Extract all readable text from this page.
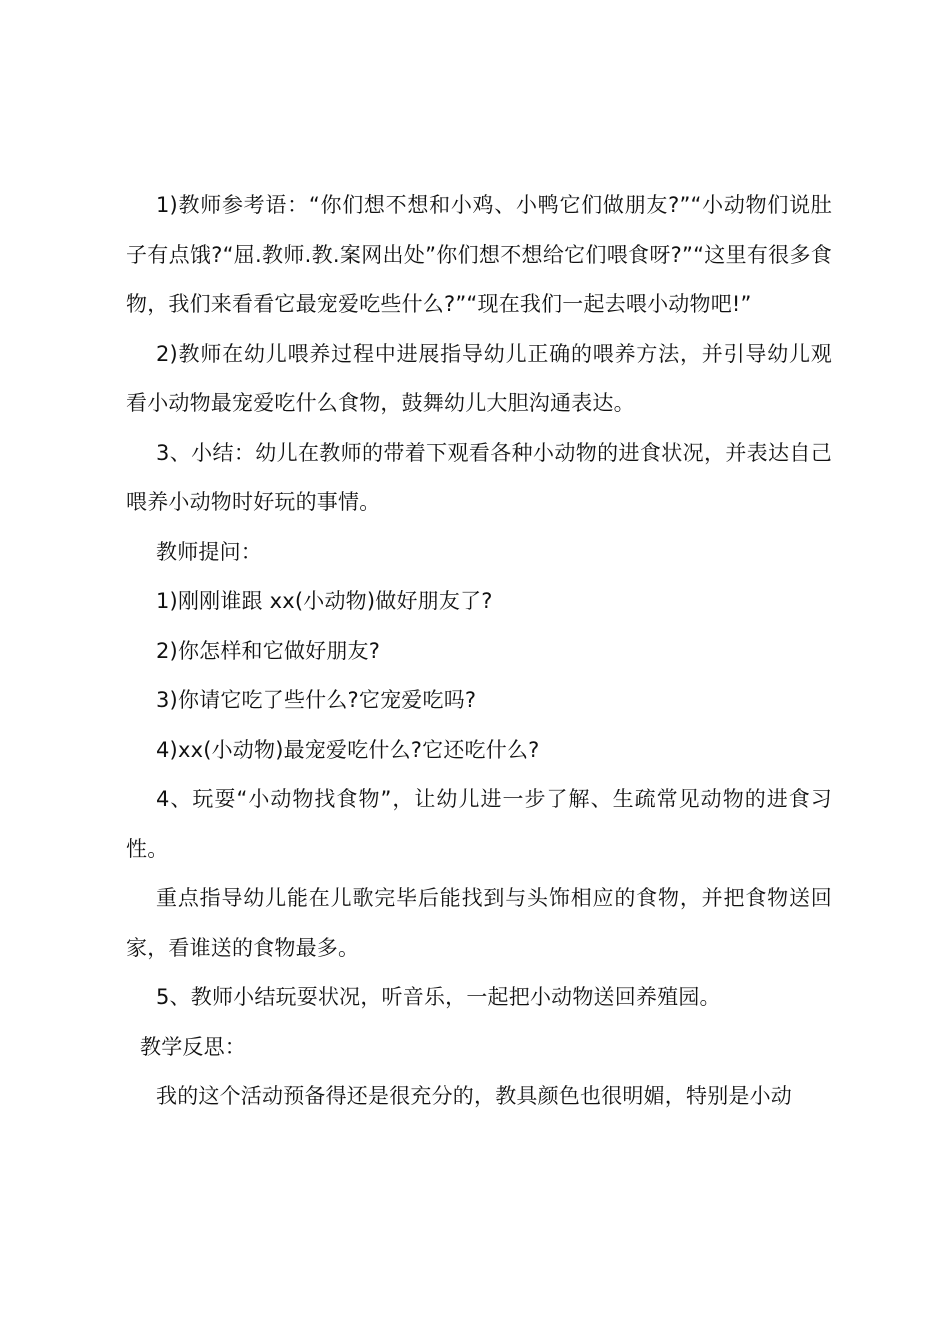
1)教师参考语：“你们想不想和小鸡、小鸭它们做朋友?”“小动物们说肚子有点饿?“屈.教师.教.案网出处”你们想不想给它们喂食呀?”“这里有很多食物，我们来看看它最宠爱吃些什么?”“现在我们一起去喂小动物吧!”

2)教师在幼儿喂养过程中进展指导幼儿正确的喂养方法，并引导幼儿观看小动物最宠爱吃什么食物，鼓舞幼儿大胆沟通表达。

3、小结：幼儿在教师的带着下观看各种小动物的进食状况，并表达自己喂养小动物时好玩的事情。

教师提问：

1)刚刚谁跟 xx(小动物)做好朋友了?

2)你怎样和它做好朋友?

3)你请它吃了些什么?它宠爱吃吗?

4)xx(小动物)最宠爱吃什么?它还吃什么?

4、玩耍“小动物找食物”，让幼儿进一步了解、生疏常见动物的进食习性。

重点指导幼儿能在儿歌完毕后能找到与头饰相应的食物，并把食物送回家，看谁送的食物最多。

5、教师小结玩耍状况，听音乐，一起把小动物送回养殖园。

教学反思：

我的这个活动预备得还是很充分的，教具颜色也很明媚，特别是小动
